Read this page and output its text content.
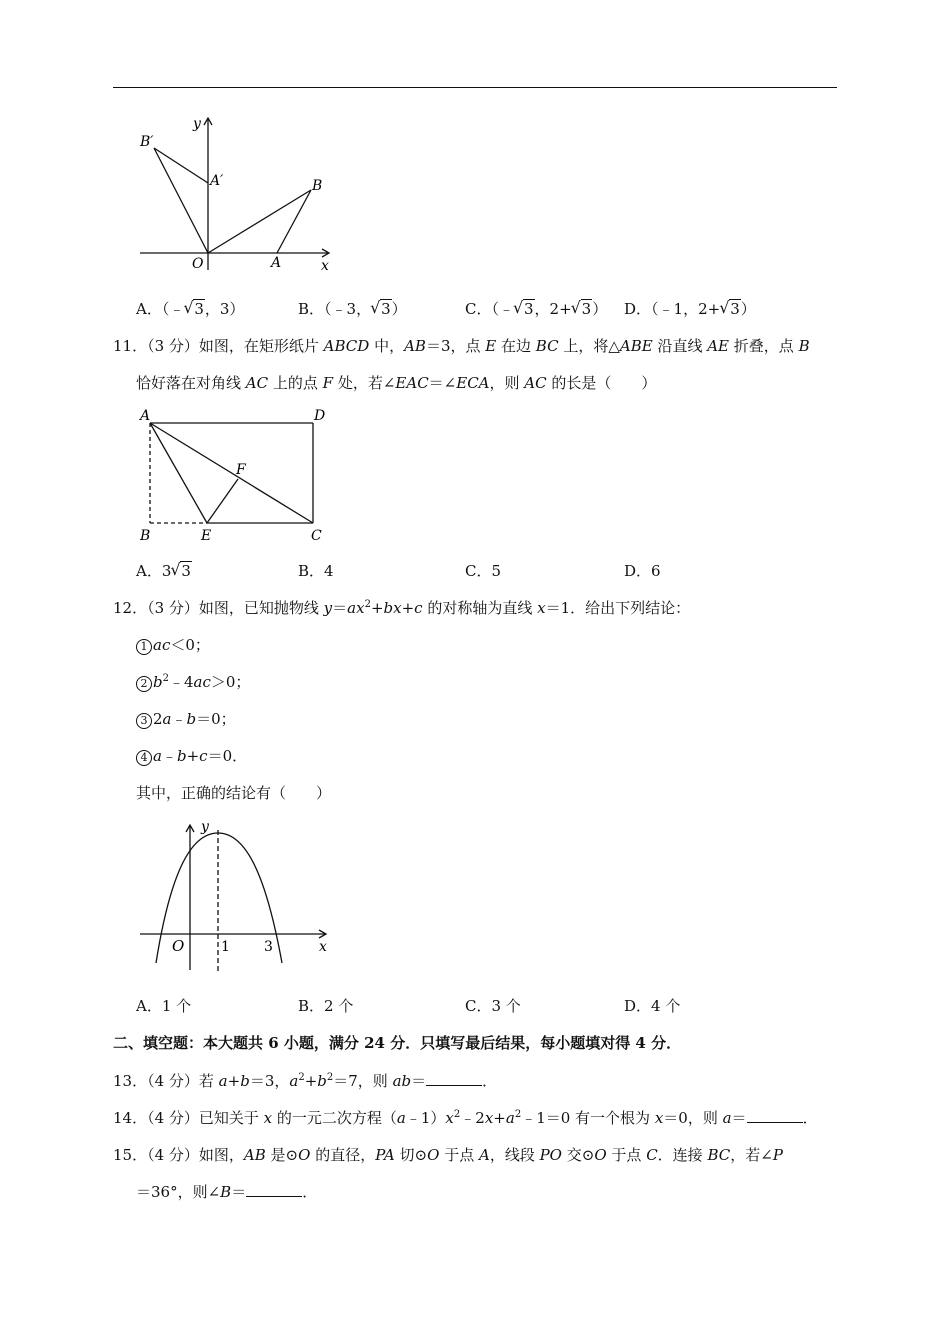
B′
A′	B
O	A	x
y
A．（﹣ √ 3，3）	B．（﹣3， √ 3）	C．（﹣ √ 3，2+ √ 3） D．（﹣1，2+ √ 3）
11．（3 分）如图，在矩形纸片 ABCD 中，AB＝3，点 E 在边 BC 上，将△ABE 沿直线 AE 折叠，点 B
恰好落在对角线 AC 上的点 F 处，若∠EAC＝∠ECA，则 AC 的长是（　　）
A	D
F
B	E	C
A．3 √ 3	B．4	C．5	D．6
12．（3 分）如图，已知抛物线 $y=ax^2+bx+c$ 的对称轴为直线 x＝1．给出下列结论：
1 ac＜0；
2 $b^2﹣4ac>0$；
3 2a﹣b＝0；
4 a﹣b+c＝0．
其中，正确的结论有（　　）
y
O	1 3	x
A．1 个	B．2 个	C．3 个	D．4 个
二、填空题：本大题共 6 小题，满分 24 分．只填写最后结果，每小题填对得 4 分．
13．（4 分）若 a+b＝3，$a^2+b^2=7$，则 ab＝	．
14．（4 分）已知关于 x 的一元二次方程$(a﹣1)x^2﹣2x+a^2﹣1=0$ 有一个根为 x＝0，则 a＝	．
15．（4 分）如图，AB 是⊙O 的直径，PA 切⊙O 于点 A，线段 PO 交⊙O 于点 C．连接 BC，若∠P
＝36°，则∠B＝	．
